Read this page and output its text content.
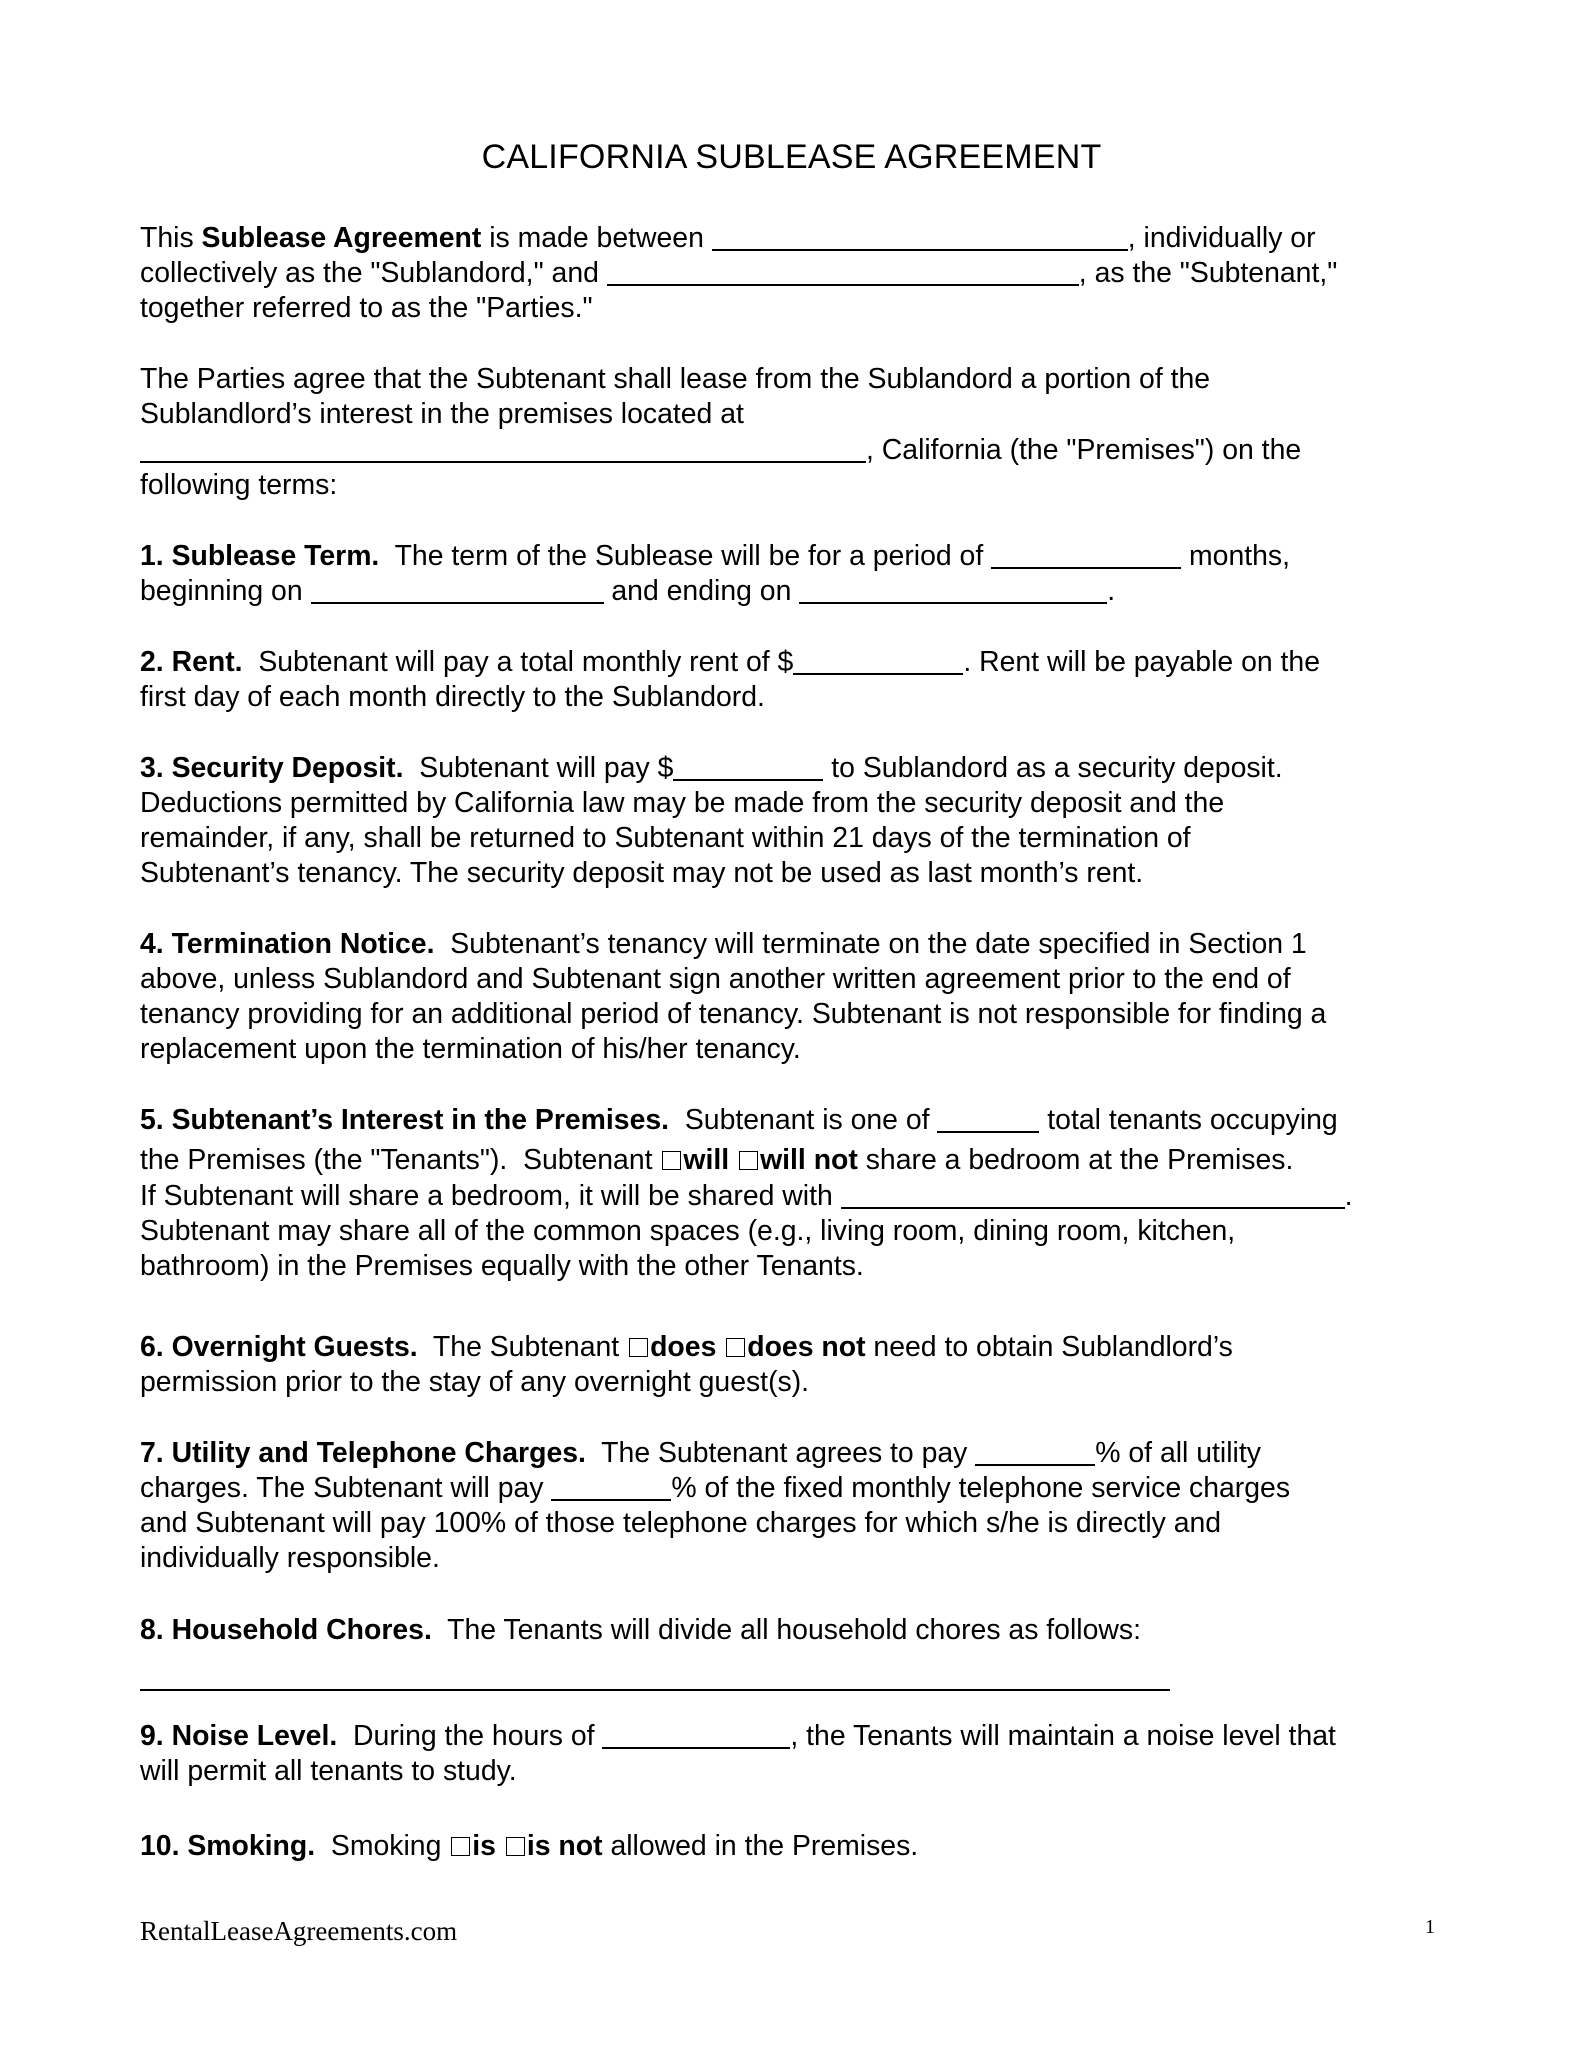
CALIFORNIA SUBLEASE AGREEMENT
This Sublease Agreement is made between	, individually or
collectively as the "Sublandord," and	, as the "Subtenant,"
together referred to as the "Parties."
The Parties agree that the Subtenant shall lease from the Sublandord a portion of the
Sublandlord’s interest in the premises located at
, California (the "Premises") on the
following terms:
1. Sublease Term.  The term of the Sublease will be for a period of	months,
beginning on	and ending on	.
2. Rent.  Subtenant will pay a total monthly rent of $	. Rent will be payable on the
first day of each month directly to the Sublandord.
3. Security Deposit.  Subtenant will pay $	to Sublandord as a security deposit.
Deductions permitted by California law may be made from the security deposit and the
remainder, if any, shall be returned to Subtenant within 21 days of the termination of
Subtenant’s tenancy. The security deposit may not be used as last month’s rent.
4. Termination Notice.  Subtenant’s tenancy will terminate on the date specified in Section 1
above, unless Sublandord and Subtenant sign another written agreement prior to the end of
tenancy providing for an additional period of tenancy. Subtenant is not responsible for finding a
replacement upon the termination of his/her tenancy.
5. Subtenant’s Interest in the Premises.  Subtenant is one of	total tenants occupying
the Premises (the "Tenants").  Subtenant will will not share a bedroom at the Premises.
If Subtenant will share a bedroom, it will be shared with	.
Subtenant may share all of the common spaces (e.g., living room, dining room, kitchen,
bathroom) in the Premises equally with the other Tenants.
6. Overnight Guests.  The Subtenant does does not need to obtain Sublandlord’s
permission prior to the stay of any overnight guest(s).
7. Utility and Telephone Charges.  The Subtenant agrees to pay	% of all utility
charges. The Subtenant will pay	% of the fixed monthly telephone service charges
and Subtenant will pay 100% of those telephone charges for which s/he is directly and
individually responsible.
8. Household Chores.  The Tenants will divide all household chores as follows:
9. Noise Level.  During the hours of	, the Tenants will maintain a noise level that
will permit all tenants to study.
10. Smoking.  Smoking is is not allowed in the Premises.
RentalLeaseAgreements.com	1
